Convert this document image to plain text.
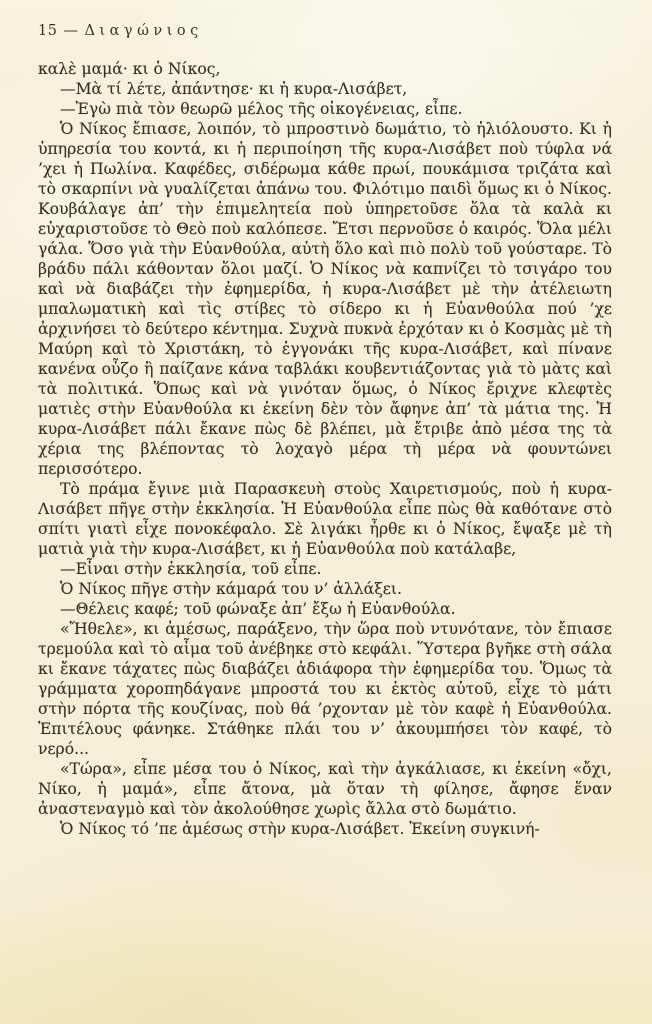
15 — Διαγώνιος

καλὲ μαμά· κι ὁ Νίκος,

—Μὰ τί λέτε, ἀπάντησε· κι ἡ κυρα-Λισάβετ,

—Ἐγὼ πιὰ τὸν θεωρῶ μέλος τῆς οἰκογένειας, εἶπε.

Ὁ Νίκος ἔπιασε, λοιπόν, τὸ μπροστινὸ δωμάτιο, τὸ ἡλιόλουστο. Κι ἡ ὑπηρεσία του κοντά, κι ἡ περιποίηση τῆς κυρα-Λισάβετ ποὺ τύφλα νά ’χει ἡ Πωλίνα. Καφέδες, σιδέρωμα κάθε πρωί, πουκάμισα τριζάτα καὶ τὸ σκαρπίνι νὰ γυαλίζεται ἀπάνω του. Φιλότιμο παιδὶ ὅμως κι ὁ Νίκος. Κουβάλαγε ἀπ’ τὴν ἐπιμελητεία ποὺ ὑπηρετοῦσε ὅλα τὰ καλὰ κι εὐχαριστοῦσε τὸ Θεὸ ποὺ καλόπεσε. Ἔτσι περνοῦσε ὁ καιρός. Ὅλα μέλι γάλα. Ὅσο γιὰ τὴν Εὐανθούλα, αὐτὴ ὅλο καὶ πιὸ πολὺ τοῦ γούσταρε. Τὸ βράδυ πάλι κάθονταν ὅλοι μαζί. Ὁ Νίκος νὰ καπνίζει τὸ τσιγάρο του καὶ νὰ διαβάζει τὴν ἐφημερίδα, ἡ κυρα-Λισάβετ μὲ τὴν ἀτέλειωτη μπαλωματικὴ καὶ τὶς στίβες τὸ σίδερο κι ἡ Εὐανθούλα πού ’χε ἀρχινήσει τὸ δεύτερο κέντημα. Συχνὰ πυκνὰ ἐρχόταν κι ὁ Κοσμὰς μὲ τὴ Μαύρη καὶ τὸ Χριστάκη, τὸ ἐγγονάκι τῆς κυρα-Λισάβετ, καὶ πίνανε κανένα οὖζο ἢ παίζανε κάνα ταβλάκι κουβεντιάζοντας γιὰ τὸ μὰτς καὶ τὰ πολιτικά. Ὅπως καὶ νὰ γινόταν ὅμως, ὁ Νίκος ἔριχνε κλεφτὲς ματιὲς στὴν Εὐανθούλα κι ἐκείνη δὲν τὸν ἄφηνε ἀπ’ τὰ μάτια της. Ἡ κυρα-Λισάβετ πάλι ἔκανε πὼς δὲ βλέπει, μὰ ἔτριβε ἀπὸ μέσα της τὰ χέρια της βλέποντας τὸ λοχαγὸ μέρα τὴ μέρα νὰ φουντώνει περισσότερο.

Τὸ πράμα ἔγινε μιὰ Παρασκευὴ στοὺς Χαιρετισμούς, ποὺ ἡ κυρα-Λισάβετ πῆγε στὴν ἐκκλησία. Ἡ Εὐανθούλα εἶπε πὼς θὰ καθότανε στὸ σπίτι γιατὶ εἶχε πονοκέφαλο. Σὲ λιγάκι ἦρθε κι ὁ Νίκος, ἔψαξε μὲ τὴ ματιὰ γιὰ τὴν κυρα-Λισάβετ, κι ἡ Εὐανθούλα ποὺ κατάλαβε,

—Εἶναι στὴν ἐκκλησία, τοῦ εἶπε.

Ὁ Νίκος πῆγε στὴν κάμαρά του ν’ ἀλλάξει.

—Θέλεις καφέ; τοῦ φώναξε ἀπ’ ἔξω ἡ Εὐανθούλα.

«Ἤθελε», κι ἀμέσως, παράξενο, τὴν ὥρα ποὺ ντυνότανε, τὸν ἔπιασε τρεμούλα καὶ τὸ αἷμα τοῦ ἀνέβηκε στὸ κεφάλι. Ὕστερα βγῆκε στὴ σάλα κι ἔκανε τάχατες πὼς διαβάζει ἀδιάφορα τὴν ἐφημερίδα του. Ὅμως τὰ γράμματα χοροπηδάγανε μπροστά του κι ἐκτὸς αὐτοῦ, εἶχε τὸ μάτι στὴν πόρτα τῆς κουζίνας, ποὺ θά ’ρχονταν μὲ τὸν καφὲ ἡ Εὐανθούλα. Ἐπιτέλους φάνηκε. Στάθηκε πλάι του ν’ ἀκουμπήσει τὸν καφέ, τὸ νερό...

«Τώρα», εἶπε μέσα του ὁ Νίκος, καὶ τὴν ἀγκάλιασε, κι ἐκείνη «ὄχι, Νίκο, ἡ μαμά», εἶπε ἄτονα, μὰ ὅταν τὴ φίλησε, ἄφησε ἕναν ἀναστεναγμὸ καὶ τὸν ἀκολούθησε χωρὶς ἄλλα στὸ δωμάτιο.

Ὁ Νίκος τό ’πε ἀμέσως στὴν κυρα-Λισάβετ. Ἐκείνη συγκινή-
